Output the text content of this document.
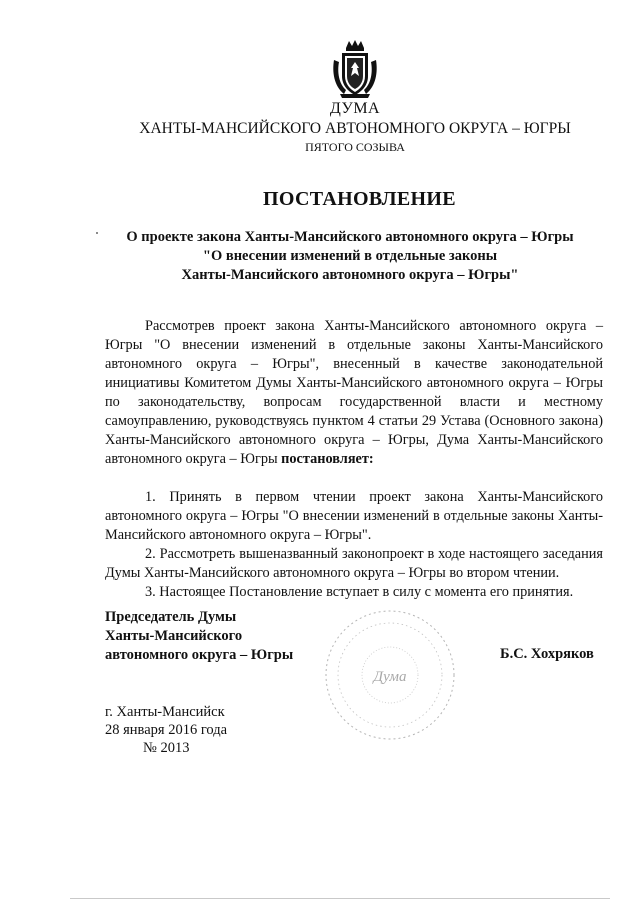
ДУМА
ХАНТЫ-МАНСИЙСКОГО АВТОНОМНОГО ОКРУГА – ЮГРЫ
ПЯТОГО СОЗЫВА
ПОСТАНОВЛЕНИЕ
О проекте закона Ханты-Мансийского автономного округа – Югры
"О внесении изменений в отдельные законы
Ханты-Мансийского автономного округа – Югры"

Рассмотрев проект закона Ханты-Мансийского автономного округа – Югры "О внесении изменений в отдельные законы Ханты-Мансийского автономного округа – Югры", внесенный в качестве законодательной инициативы Комитетом Думы Ханты-Мансийского автономного округа – Югры по законодательству, вопросам государственной власти и местному самоуправлению, руководствуясь пунктом 4 статьи 29 Устава (Основного закона) Ханты-Мансийского автономного округа – Югры, Дума Ханты-Мансийского автономного округа – Югры постановляет:

1. Принять в первом чтении проект закона Ханты-Мансийского автономного округа – Югры "О внесении изменений в отдельные законы Ханты-Мансийского автономного округа – Югры".

2. Рассмотреть вышеназванный законопроект в ходе настоящего заседания Думы Ханты-Мансийского автономного округа – Югры во втором чтении.

3. Настоящее Постановление вступает в силу с момента его принятия.

Дума
Председатель Думы
Ханты-Мансийского
автономного округа – Югры	Б.С. Хохряков
г. Ханты-Мансийск
28 января 2016 года
№ 2013
